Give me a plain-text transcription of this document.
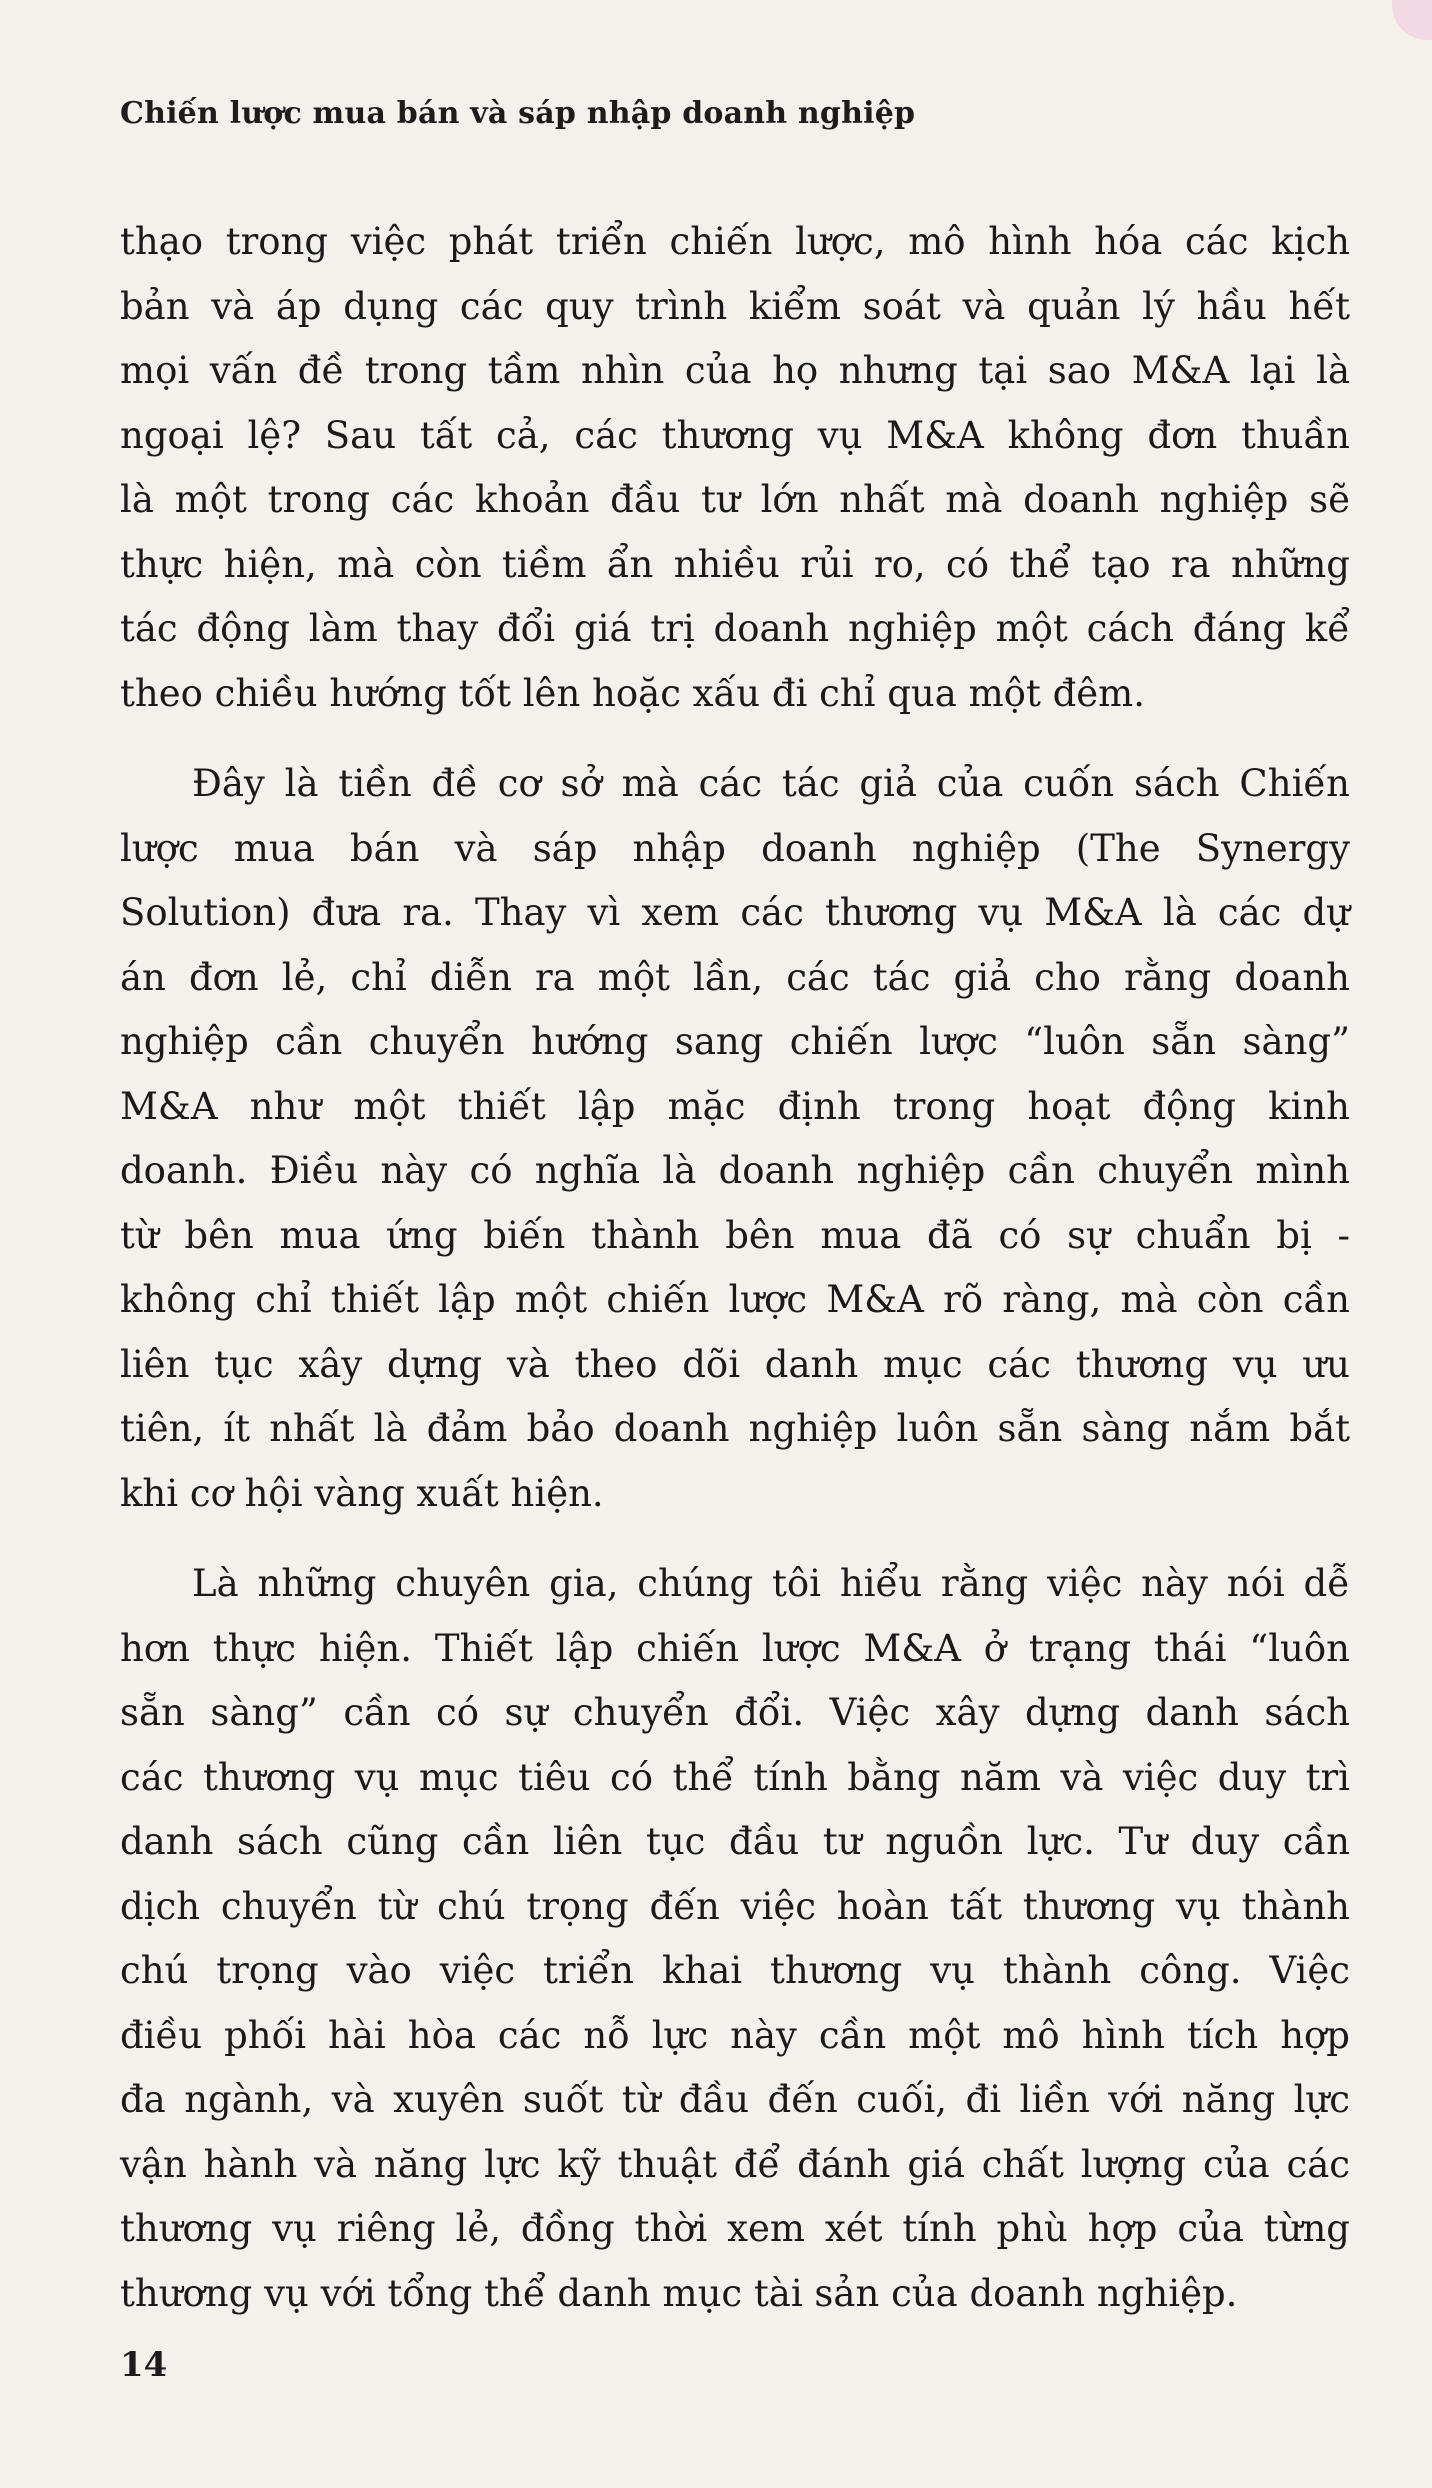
Chiến lược mua bán và sáp nhập doanh nghiệp

thạo trong việc phát triển chiến lược, mô hình hóa các kịch
bản và áp dụng các quy trình kiểm soát và quản lý hầu hết
mọi vấn đề trong tầm nhìn của họ nhưng tại sao M&A lại là
ngoại lệ? Sau tất cả, các thương vụ M&A không đơn thuần
là một trong các khoản đầu tư lớn nhất mà doanh nghiệp sẽ
thực hiện, mà còn tiềm ẩn nhiều rủi ro, có thể tạo ra những
tác động làm thay đổi giá trị doanh nghiệp một cách đáng kể
theo chiều hướng tốt lên hoặc xấu đi chỉ qua một đêm.

Đây là tiền đề cơ sở mà các tác giả của cuốn sách Chiến
lược mua bán và sáp nhập doanh nghiệp (The Synergy
Solution) đưa ra. Thay vì xem các thương vụ M&A là các dự
án đơn lẻ, chỉ diễn ra một lần, các tác giả cho rằng doanh
nghiệp cần chuyển hướng sang chiến lược “luôn sẵn sàng”
M&A như một thiết lập mặc định trong hoạt động kinh
doanh. Điều này có nghĩa là doanh nghiệp cần chuyển mình
từ bên mua ứng biến thành bên mua đã có sự chuẩn bị -
không chỉ thiết lập một chiến lược M&A rõ ràng, mà còn cần
liên tục xây dựng và theo dõi danh mục các thương vụ ưu
tiên, ít nhất là đảm bảo doanh nghiệp luôn sẵn sàng nắm bắt
khi cơ hội vàng xuất hiện.

Là những chuyên gia, chúng tôi hiểu rằng việc này nói dễ
hơn thực hiện. Thiết lập chiến lược M&A ở trạng thái “luôn
sẵn sàng” cần có sự chuyển đổi. Việc xây dựng danh sách
các thương vụ mục tiêu có thể tính bằng năm và việc duy trì
danh sách cũng cần liên tục đầu tư nguồn lực. Tư duy cần
dịch chuyển từ chú trọng đến việc hoàn tất thương vụ thành
chú trọng vào việc triển khai thương vụ thành công. Việc
điều phối hài hòa các nỗ lực này cần một mô hình tích hợp
đa ngành, và xuyên suốt từ đầu đến cuối, đi liền với năng lực
vận hành và năng lực kỹ thuật để đánh giá chất lượng của các
thương vụ riêng lẻ, đồng thời xem xét tính phù hợp của từng
thương vụ với tổng thể danh mục tài sản của doanh nghiệp.

14
